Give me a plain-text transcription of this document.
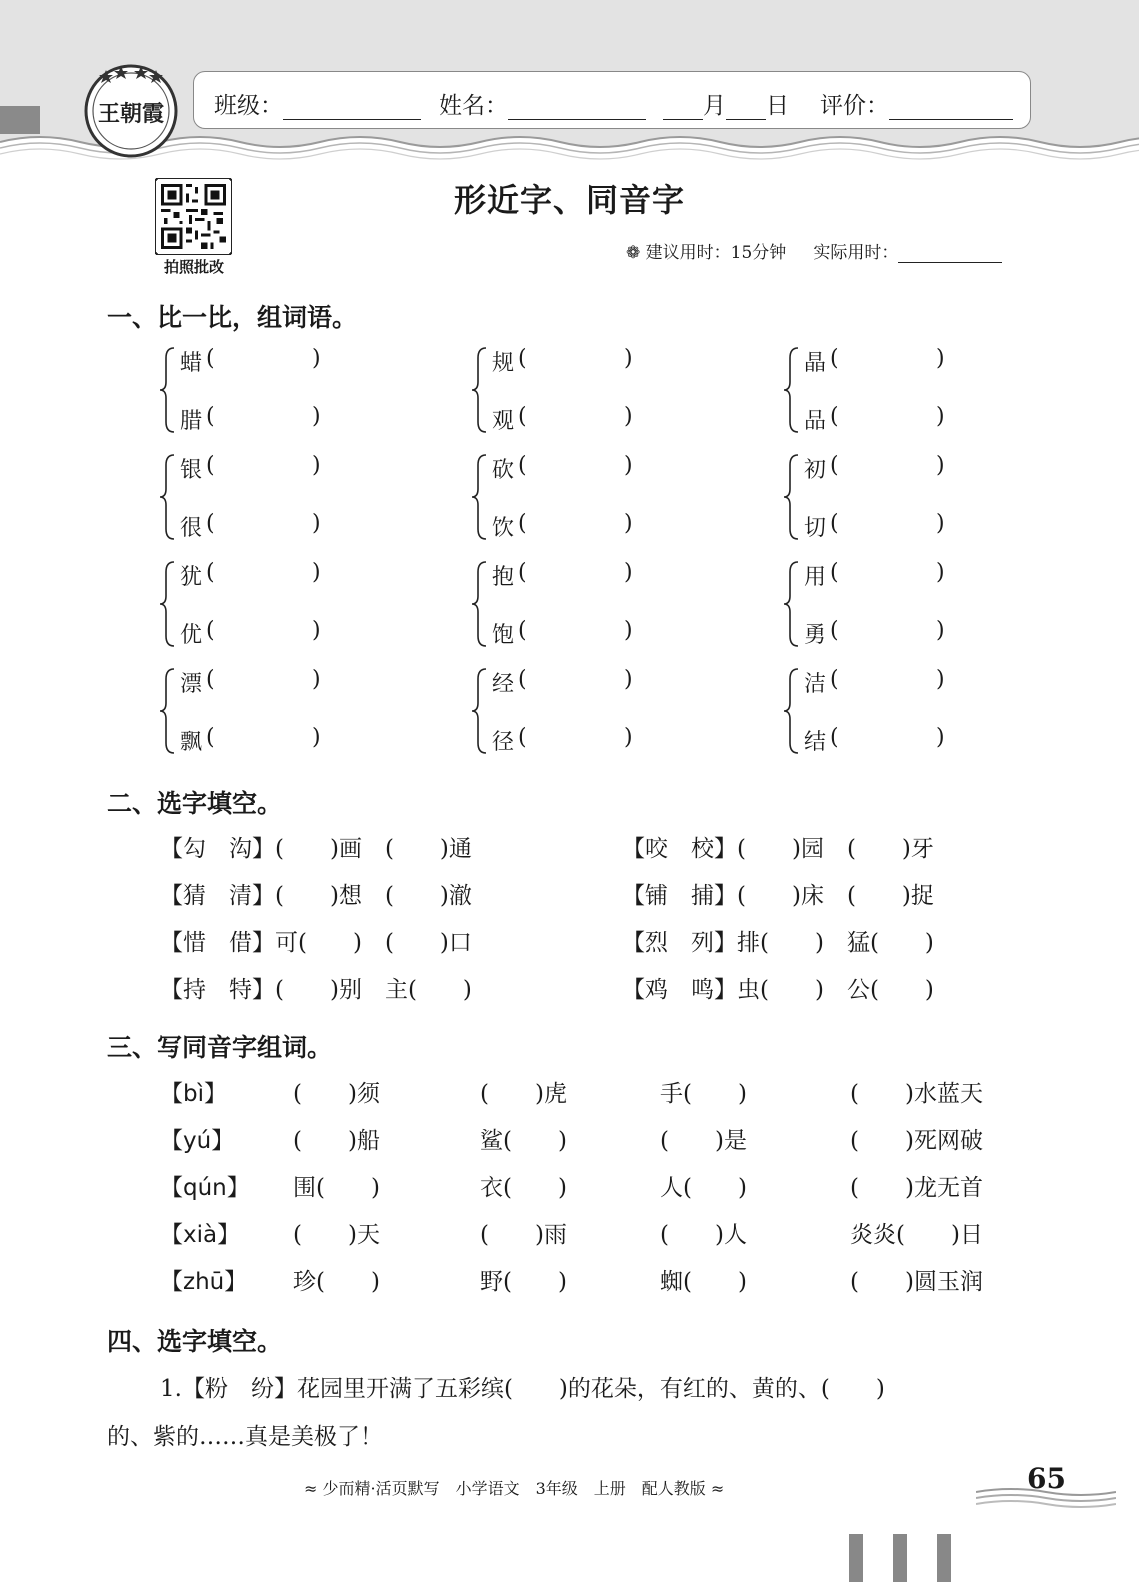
王朝霞 班级：	姓名：	月 日 评价：
拍照批改
形近字、同音字
❁ 建议用时：15分钟 实际用时：
一、比一比，组词语。
蜡 (	)
腊 (	)
规 (	)
观 (	)
晶 (	)
品 (	)
银 (	)
很 (	)
砍 (	)
饮 (	)
初 (	)
切 (	)
犹 (	)
优 (	)
抱 (	)
饱 (	)
用 (	)
勇 (	)
漂 (	)
飘 (	)
经 (	)
径 (	)
洁 (	)
结 (	)
二、选字填空。
【勾　沟】(　　)画　(　　)通	【咬　校】(　　)园　(　　)牙
【猜　清】(　　)想　(　　)澈	【铺　捕】(　　)床　(　　)捉
【惜　借】可(　　)　(　　)口	【烈　列】排(　　)　猛(　　)
【持　特】(　　)别　主(　　)	【鸡　鸣】虫(　　)　公(　　)
三、写同音字组词。
【bì】	(　　)须	(　　)虎	手(　　)	(　　)水蓝天
【yú】	(　　)船	鲨(　　)	(　　)是	(　　)死网破
【qún】 围(　　)	衣(　　)	人(　　)	(　　)龙无首
【xià】 (　　)天	(　　)雨	(　　)人	炎炎(　　)日
【zhū】 珍(　　)	野(　　)	蜘(　　)	(　　)圆玉润
四、选字填空。
1.【粉　纷】花园里开满了五彩缤(　　)的花朵，有红的、黄的、(　　)
的、紫的……真是美极了！
≈ 少而精·活页默写　小学语文　3年级　上册　配人教版 ≈	65
